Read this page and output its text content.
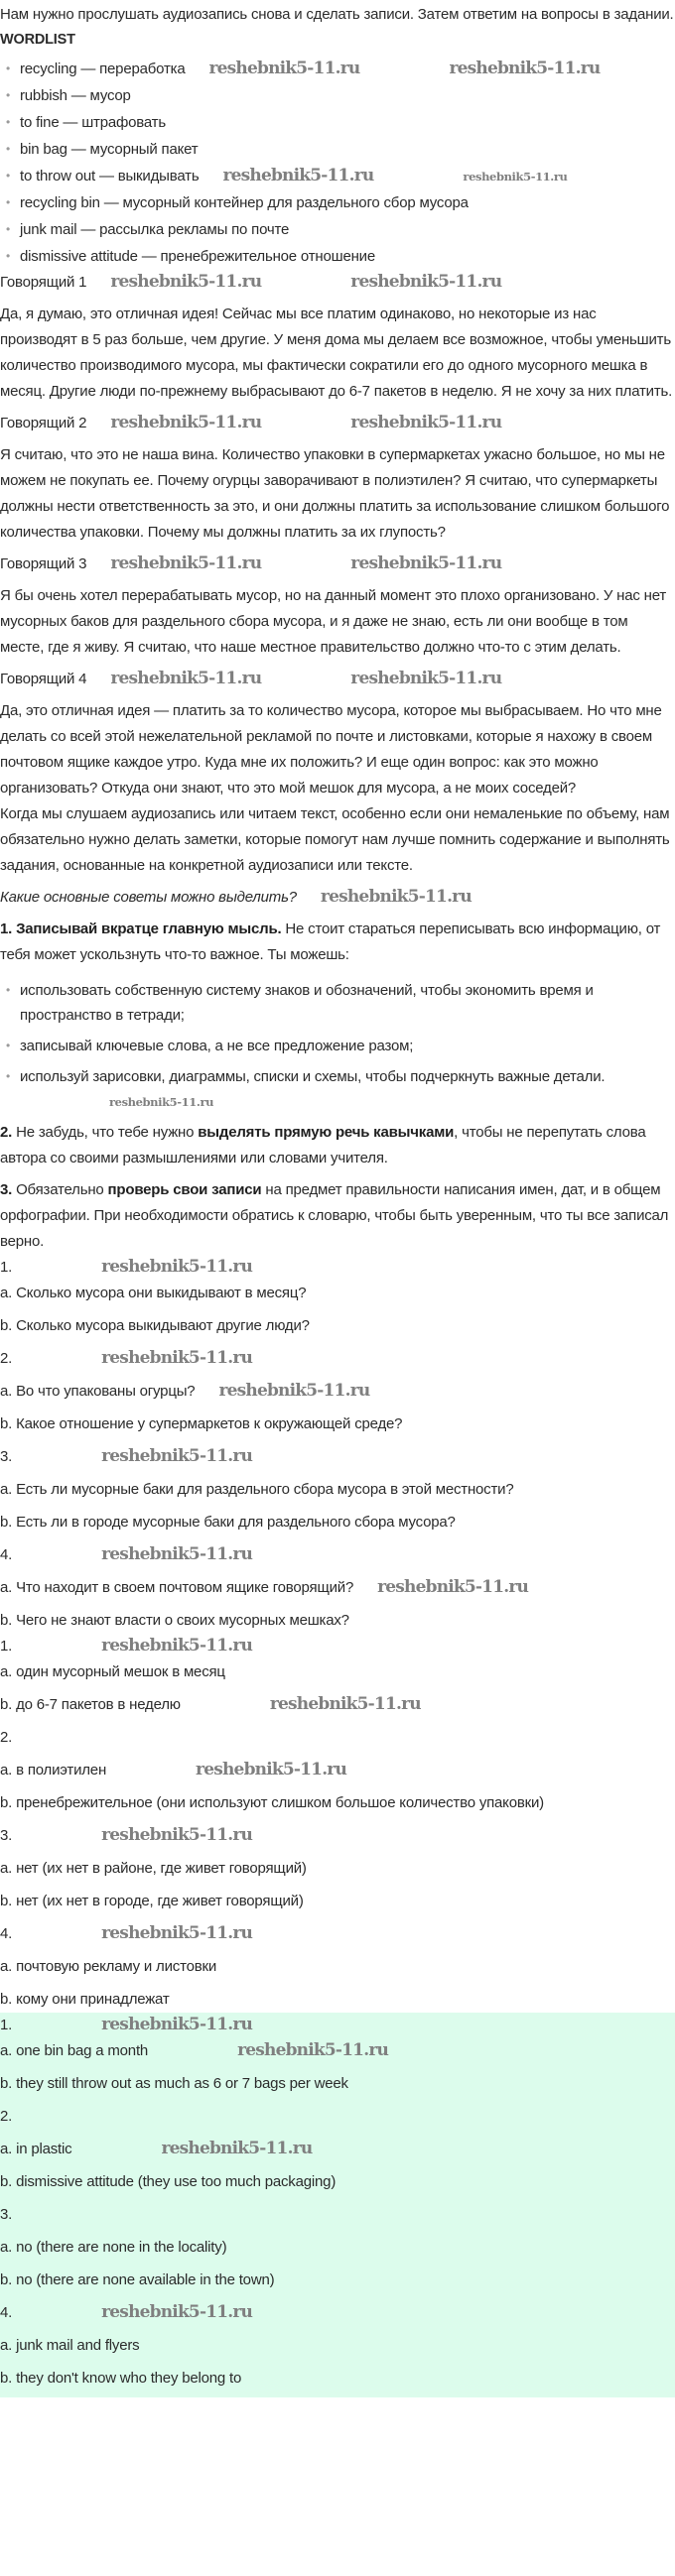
Нам нужно прослушать аудиозапись снова и сделать записи. Затем ответим на вопросы в задании.

WORDLIST

• recycling — переработка reshebnik5-11.ru	reshebnik5-11.ru
• rubbish — мусор
• to fine — штрафовать
• bin bag — мусорный пакет
• to throw out — выкидывать reshebnik5-11.ru	reshebnik5-11.ru
• recycling bin — мусорный контейнер для раздельного сбор мусора
• junk mail — рассылка рекламы по почте
• dismissive attitude — пренебрежительное отношение

Говорящий 1 reshebnik5-11.ru	reshebnik5-11.ru

Да, я думаю, это отличная идея! Сейчас мы все платим одинаково, но некоторые из нас производят в 5 раз больше, чем другие. У меня дома мы делаем все возможное, чтобы уменьшить количество производимого мусора, мы фактически сократили его до одного мусорного мешка в месяц. Другие люди по-прежнему выбрасывают до 6-7 пакетов в неделю. Я не хочу за них платить.

Говорящий 2 reshebnik5-11.ru	reshebnik5-11.ru

Я считаю, что это не наша вина. Количество упаковки в супермаркетах ужасно большое, но мы не можем не покупать ее. Почему огурцы заворачивают в полиэтилен? Я считаю, что супермаркеты должны нести ответственность за это, и они должны платить за использование слишком большого количества упаковки. Почему мы должны платить за их глупость?

Говорящий 3 reshebnik5-11.ru	reshebnik5-11.ru

Я бы очень хотел перерабатывать мусор, но на данный момент это плохо организовано. У нас нет мусорных баков для раздельного сбора мусора, и я даже не знаю, есть ли они вообще в том месте, где я живу. Я считаю, что наше местное правительство должно что-то с этим делать.

Говорящий 4 reshebnik5-11.ru	reshebnik5-11.ru

Да, это отличная идея — платить за то количество мусора, которое мы выбрасываем. Но что мне делать со всей этой нежелательной рекламой по почте и листовками, которые я нахожу в своем почтовом ящике каждое утро. Куда мне их положить? И еще один вопрос: как это можно организовать? Откуда они знают, что это мой мешок для мусора, а не моих соседей?

Когда мы слушаем аудиозапись или читаем текст, особенно если они немаленькие по объему, нам обязательно нужно делать заметки, которые помогут нам лучше помнить содержание и выполнять задания, основанные на конкретной аудиозаписи или тексте.

Какие основные советы можно выделить? reshebnik5-11.ru

1. Записывай вкратце главную мысль. Не стоит стараться переписывать всю информацию, от тебя может ускользнуть что-то важное. Ты можешь:

• использовать собственную систему знаков и обозначений, чтобы экономить время и пространство в тетради;
• записывай ключевые слова, а не все предложение разом;
• используй зарисовки, диаграммы, списки и схемы, чтобы подчеркнуть важные детали.reshebnik5-11.ru

2. Не забудь, что тебе нужно выделять прямую речь кавычками, чтобы не перепутать слова автора со своими размышлениями или словами учителя.

3. Обязательно проверь свои записи на предмет правильности написания имен, дат, и в общем орфографии. При необходимости обратись к словарю, чтобы быть уверенным, что ты все записал верно.

1.	reshebnik5-11.ru

a. Сколько мусора они выкидывают в месяц?

b. Сколько мусора выкидывают другие люди?

2.	reshebnik5-11.ru

a. Во что упакованы огурцы? reshebnik5-11.ru

b. Какое отношение у супермаркетов к окружающей среде?

3.	reshebnik5-11.ru

a. Есть ли мусорные баки для раздельного сбора мусора в этой местности?

b. Есть ли в городе мусорные баки для раздельного сбора мусора?

4.	reshebnik5-11.ru

a. Что находит в своем почтовом ящике говорящий? reshebnik5-11.ru

b. Чего не знают власти о своих мусорных мешках?

1.	reshebnik5-11.ru

a. один мусорный мешок в месяц

b. до 6-7 пакетов в неделю	reshebnik5-11.ru

2.

a. в полиэтилен	reshebnik5-11.ru

b. пренебрежительное (они используют слишком большое количество упаковки)

3.	reshebnik5-11.ru

a. нет (их нет в районе, где живет говорящий)

b. нет (их нет в городе, где живет говорящий)

4.	reshebnik5-11.ru

a. почтовую рекламу и листовки

b. кому они принадлежат

1.	reshebnik5-11.ru

a. one bin bag a month	reshebnik5-11.ru

b. they still throw out as much as 6 or 7 bags per week

2.

a. in plastic	reshebnik5-11.ru

b. dismissive attitude (they use too much packaging)

3.

a. no (there are none in the locality)

b. no (there are none available in the town)

4.	reshebnik5-11.ru

a. junk mail and flyers

b. they don't know who they belong to
